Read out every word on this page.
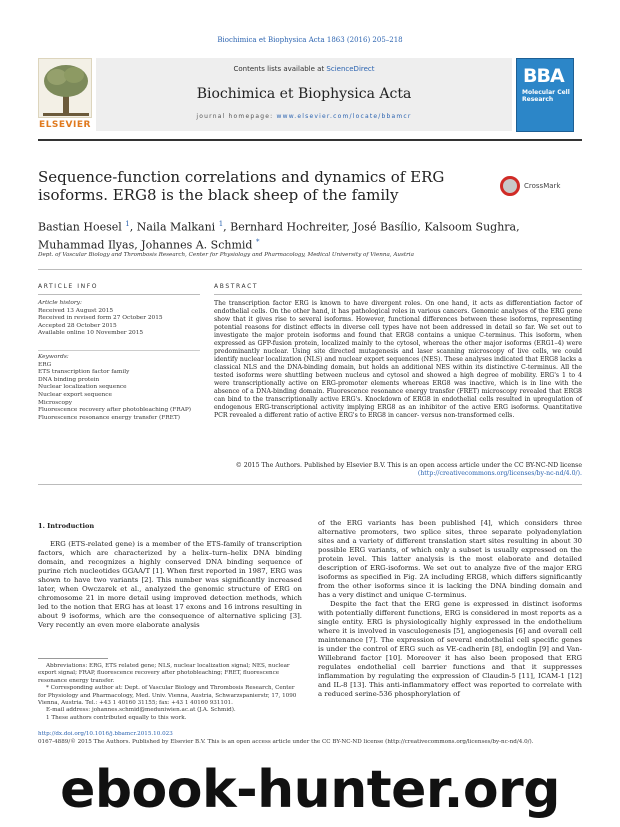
Biochimica et Biophysica Acta 1863 (2016) 205–218
ELSEVIER
Contents lists available at ScienceDirect
Biochimica et Biophysica Acta
journal homepage: www.elsevier.com/locate/bbamcr
BBA
Molecular Cell Research
Sequence-function correlations and dynamics of ERG isoforms. ERG8 is the black sheep of the family	CrossMark
Bastian Hoesel $^1$, Naila Malkani $^1$, Bernhard Hochreiter, José Basílio, Kalsoom Sughra, Muhammad Ilyas, Johannes A. Schmid *
Dept. of Vascular Biology and Thrombosis Research, Center for Physiology and Pharmacology, Medical University of Vienna, Austria
ARTICLE INFO	ABSTRACT
Article history:
Received 13 August 2015
Received in revised form 27 October 2015
Accepted 28 October 2015
Available online 10 November 2015
Keywords:
ERG
ETS transcription factor family
DNA binding protein
Nuclear localization sequence
Nuclear export sequence
Microscopy
Fluorescence recovery after photobleaching (FRAP)
Fluorescence resonance energy transfer (FRET)
The transcription factor ERG is known to have divergent roles. On one hand, it acts as differentiation factor of endothelial cells. On the other hand, it has pathological roles in various cancers. Genomic analyses of the ERG gene show that it gives rise to several isoforms. However, functional differences between these isoforms, representing potential reasons for distinct effects in diverse cell types have not been addressed in detail so far. We set out to investigate the major protein isoforms and found that ERG8 contains a unique C-terminus. This isoform, when expressed as GFP-fusion protein, localized mainly to the cytosol, whereas the other major isoforms (ERG1–4) were predominantly nuclear. Using site directed mutagenesis and laser scanning microscopy of live cells, we could identify nuclear localization (NLS) and nuclear export sequences (NES). These analyses indicated that ERG8 lacks a classical NLS and the DNA-binding domain, but holds an additional NES within its distinctive C-terminus. All the tested isoforms were shuttling between nucleus and cytosol and showed a high degree of mobility. ERG's 1 to 4 were transcriptionally active on ERG-promoter elements whereas ERG8 was inactive, which is in line with the absence of a DNA-binding domain. Fluorescence resonance energy transfer (FRET) microscopy revealed that ERG8 can bind to the transcriptionally active ERG's. Knockdown of ERG8 in endothelial cells resulted in upregulation of endogenous ERG-transcriptional activity implying ERG8 as an inhibitor of the active ERG isoforms. Quantitative PCR revealed a different ratio of active ERG's to ERG8 in cancer- versus non-transformed cells.
© 2015 The Authors. Published by Elsevier B.V. This is an open access article under the CC BY-NC-ND license
(http://creativecommons.org/licenses/by-nc-nd/4.0/).
1. Introduction

ERG (ETS-related gene) is a member of the ETS-family of transcription factors, which are characterized by a helix–turn–helix DNA binding domain, and recognizes a highly conserved DNA binding sequence of purine rich nucleotides GGAA/T [1]. When first reported in 1987, ERG was shown to have two variants [2]. This number was significantly increased later, when Owczarek et al., analyzed the genomic structure of ERG on chromosome 21 in more detail using improved detection methods, which led to the notion that ERG has at least 17 exons and 16 introns resulting in about 9 isoforms, which are the consequence of alternative splicing [3]. Very recently an even more elaborate analysis

of the ERG variants has been published [4], which considers three alternative promoters, two splice sites, three separate polyadenylation sites and a variety of different translation start sites resulting in about 30 possible ERG variants, of which only a subset is usually expressed on the protein level. This latter analysis is the most elaborate and detailed description of ERG-isoforms. We set out to analyze five of the major ERG isoforms as specified in Fig. 2A including ERG8, which differs significantly from the other isoforms since it is lacking the DNA binding domain and has a very distinct and unique C-terminus.

Despite the fact that the ERG gene is expressed in distinct isoforms with potentially different functions, ERG is considered in most reports as a single entity. ERG is physiologically highly expressed in the endothelium where it is involved in vasculogenesis [5], angiogenesis [6] and overall cell maintenance [7]. The expression of several endothelial cell specific genes is under the control of ERG such as VE-cadherin [8], endoglin [9] and Van-Willebrand factor [10]. Moreover it has also been proposed that ERG regulates endothelial cell barrier functions and that it suppresses inflammation by regulating the expression of Claudin-5 [11], ICAM-1 [12] and IL-8 [13]. This anti-inflammatory effect was reported to correlate with a reduced serine-536 phosphorylation of

Abbreviations: ERG, ETS related gene; NLS, nuclear localization signal; NES, nuclear export signal; FRAP, fluorescence recovery after photobleaching; FRET, fluorescence resonance energy transfer.

* Corresponding author at: Dept. of Vascular Biology and Thrombosis Research, Center for Physiology and Pharmacology, Med. Univ. Vienna, Austria, Schwarzspanierstr, 17, 1090 Vienna, Austria. Tel.: +43 1 40160 31155; fax: +43 1 40160 931101.

E-mail address: johannes.schmid@meduniwien.ac.at (J.A. Schmid).

1 These authors contributed equally to this work.

http://dx.doi.org/10.1016/j.bbamcr.2015.10.023
0167-4889/© 2015 The Authors. Published by Elsevier B.V. This is an open access article under the CC BY-NC-ND license (http://creativecommons.org/licenses/by-nc-nd/4.0/).
ebook-hunter.org
